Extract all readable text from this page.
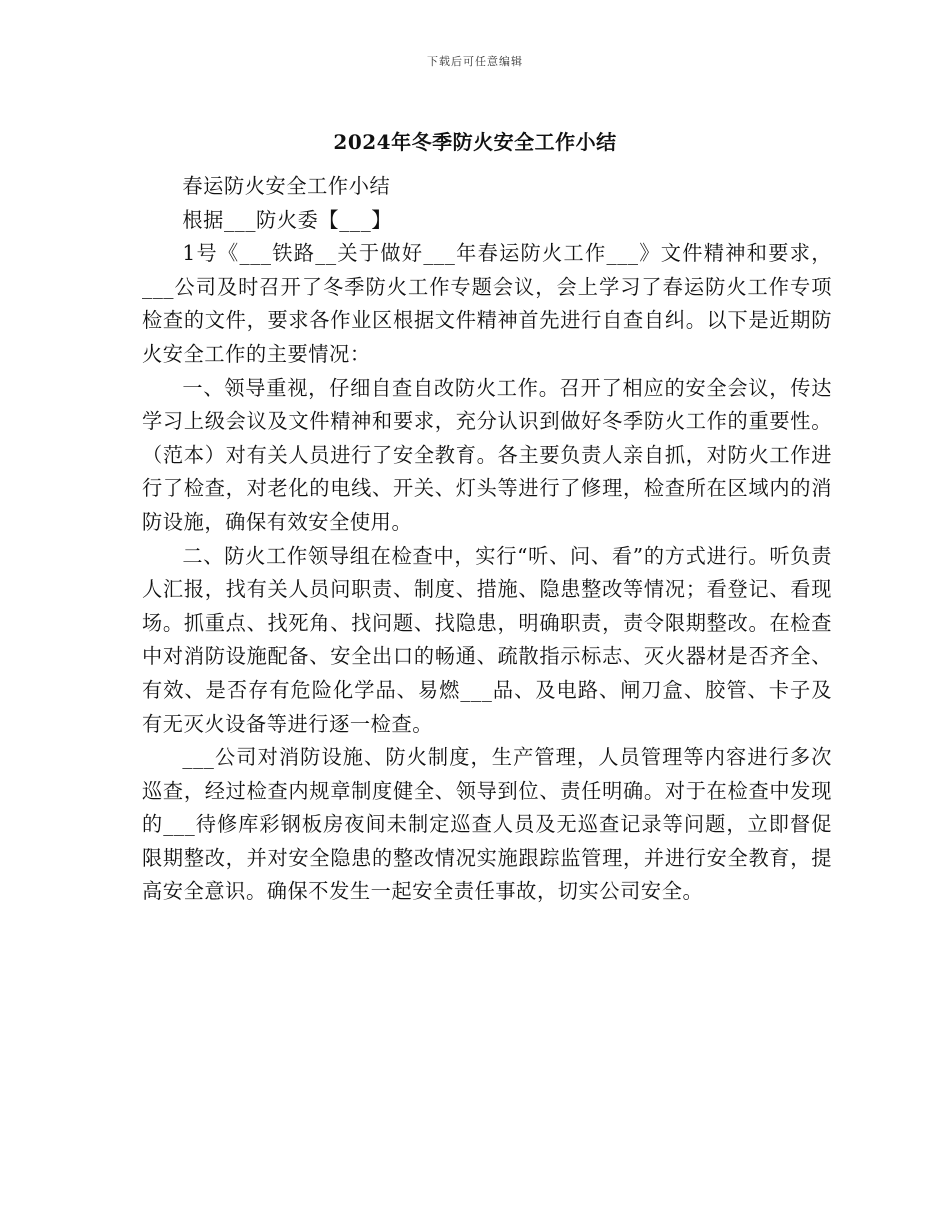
下载后可任意编辑
2024年冬季防火安全工作小结

春运防火安全工作小结

根据___防火委【___】

1号《___铁路__关于做好___年春运防火工作___》文件精神和要求，___公司及时召开了冬季防火工作专题会议，会上学习了春运防火工作专项检查的文件，要求各作业区根据文件精神首先进行自查自纠。以下是近期防火安全工作的主要情况：

一、领导重视，仔细自查自改防火工作。召开了相应的安全会议，传达学习上级会议及文件精神和要求，充分认识到做好冬季防火工作的重要性。（范本）对有关人员进行了安全教育。各主要负责人亲自抓，对防火工作进行了检查，对老化的电线、开关、灯头等进行了修理，检查所在区域内的消防设施，确保有效安全使用。

二、防火工作领导组在检查中，实行“听、问、看”的方式进行。听负责人汇报，找有关人员问职责、制度、措施、隐患整改等情况；看登记、看现场。抓重点、找死角、找问题、找隐患，明确职责，责令限期整改。在检查中对消防设施配备、安全出口的畅通、疏散指示标志、灭火器材是否齐全、有效、是否存有危险化学品、易燃___品、及电路、闸刀盒、胶管、卡子及有无灭火设备等进行逐一检查。

___公司对消防设施、防火制度，生产管理，人员管理等内容进行多次巡查，经过检查内规章制度健全、领导到位、责任明确。对于在检查中发现的___待修库彩钢板房夜间未制定巡查人员及无巡查记录等问题，立即督促限期整改，并对安全隐患的整改情况实施跟踪监管理，并进行安全教育，提高安全意识。确保不发生一起安全责任事故，切实公司安全。
